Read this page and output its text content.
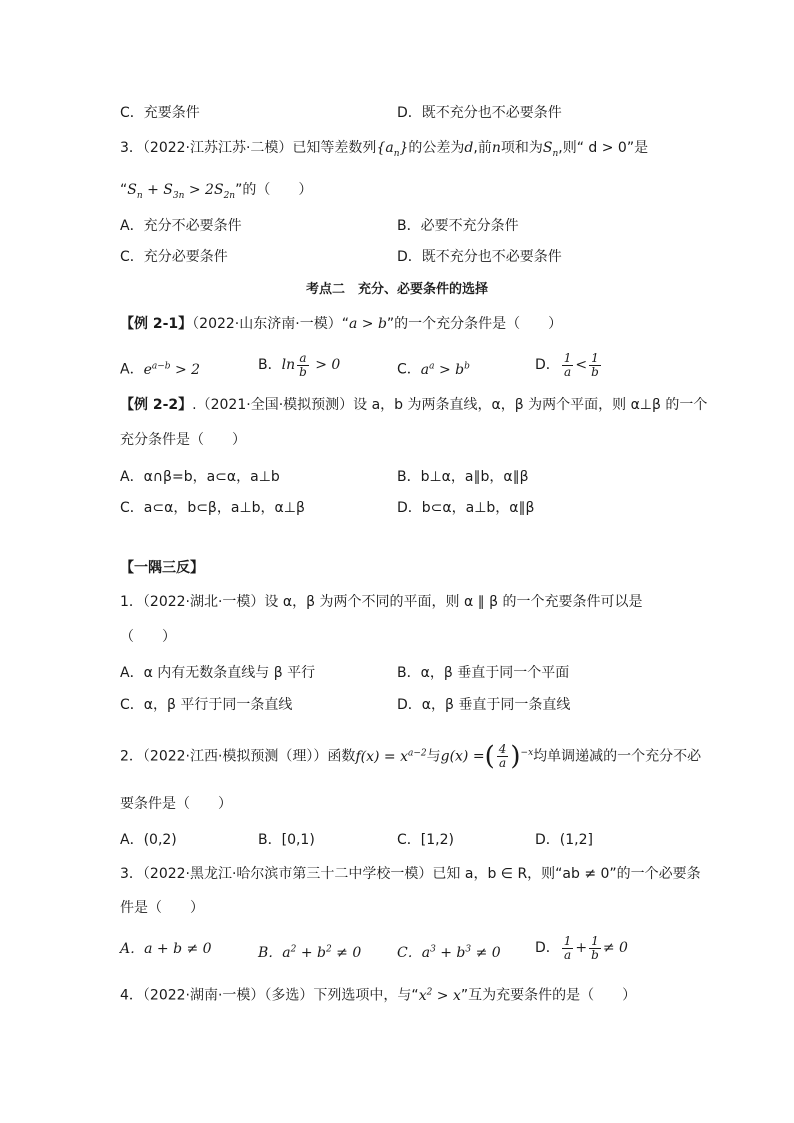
C．充要条件	D．既不充分也不必要条件
3．（2022·江苏江苏·二模）已知等差数列$\{a_n\}$的公差为d,前n项和为$S_n$,则“ d > 0”是
“$S_n + S_{3n} > 2S_{2n}$”的（　　）
A．充分不必要条件	B．必要不充分条件
C．充分必要条件	D．既不充分也不必要条件
考点二　充分、必要条件的选择
【例 2-1】（2022·山东济南·一模）“a > b”的一个充分条件是（　　）
A．$e^{a-b} > 2$	B．$\ln \frac{a}{b} > 0$	C．$a^a > b^b$	D． $\frac{1}{a} < \frac{1}{b}$
【例 2-2】.（2021·全国·模拟预测）设 a，b 为两条直线，α，β 为两个平面，则 α⊥β 的一个
充分条件是（　　）
A．α∩β=b，a⊂α，a⊥b	B．b⊥α，a∥b，α∥β
C．a⊂α，b⊂β，a⊥b，α⊥β	D．b⊂α，a⊥b，α∥β
【一隅三反】
1．（2022·湖北·一模）设 α，β 为两个不同的平面，则 α ∥ β 的一个充要条件可以是
（　　）
A．α 内有无数条直线与 β 平行	B．α，β 垂直于同一个平面
C．α，β 平行于同一条直线	D．α，β 垂直于同一条直线
2．（2022·江西·模拟预测（理））函数$f(x) = x^{a-2}$与g(x) =( $\frac{4}{a} )^{-x}$均单调递减的一个充分不必
要条件是（　　）
A．(0,2)	B．[0,1)	C．[1,2)	D．(1,2]
3．（2022·黑龙江·哈尔滨市第三十二中学校一模）已知 a，b ∈ R，则“ab ≠ 0”的一个必要条
件是（　　）
A．a + b ≠ 0	B．$a^2 + b^2 \ne 0$	C．$a^3 + b^3 \ne 0$ D． $\frac{1}{a} + \frac{1}{b} \ne 0$
4．（2022·湖南·一模）（多选）下列选项中，与“$x^2 > x$”互为充要条件的是（　　）
